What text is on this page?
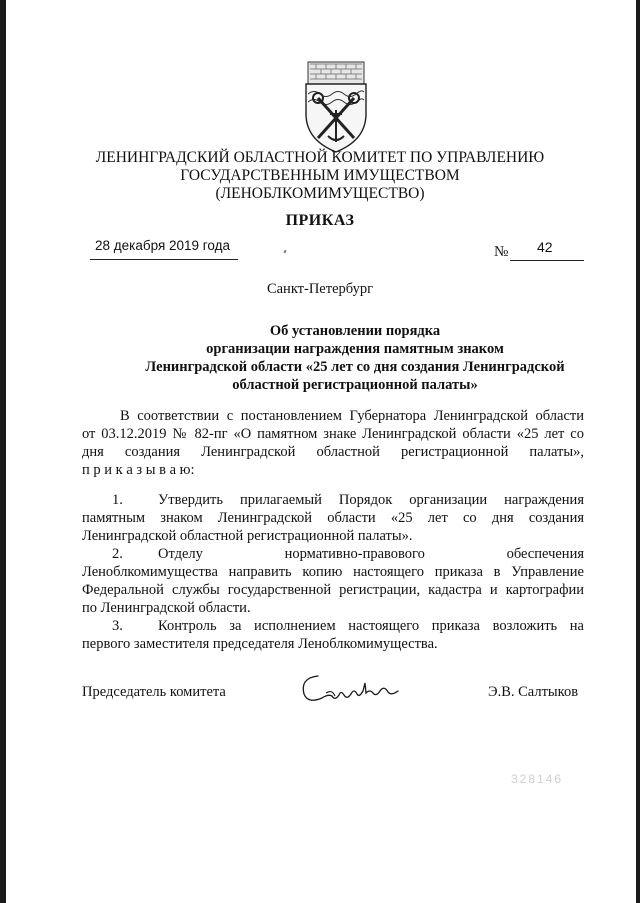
ЛЕНИНГРАДСКИЙ ОБЛАСТНОЙ КОМИТЕТ ПО УПРАВЛЕНИЮ
ГОСУДАРСТВЕННЫМ ИМУЩЕСТВОМ
(ЛЕНОБЛКОМИМУЩЕСТВО)
ПРИКАЗ
28 декабря 2019 года	№ 42
Санкт-Петербург
Об установлении порядка
организации награждения памятным знаком
Ленинградской области «25 лет со дня создания Ленинградской
областной регистрационной палаты»
В соответствии с постановлением Губернатора Ленинградской области
от 03.12.2019 № 82-пг «О памятном знаке Ленинградской области «25 лет со
дня создания Ленинградской областной регистрационной палаты»,
п р и к а з ы в а ю:
1. Утвердить прилагаемый Порядок организации награждения
памятным знаком Ленинградской области «25 лет со дня создания
Ленинградской областной регистрационной палаты».
2. Отделу нормативно-правового обеспечения
Леноблкомимущества направить копию настоящего приказа в Управление
Федеральной службы государственной регистрации, кадастра и картографии
по Ленинградской области.
3. Контроль за исполнением настоящего приказа возложить на
первого заместителя председателя Леноблкомимущества.
Председатель комитета	Э.В. Салтыков
328146
